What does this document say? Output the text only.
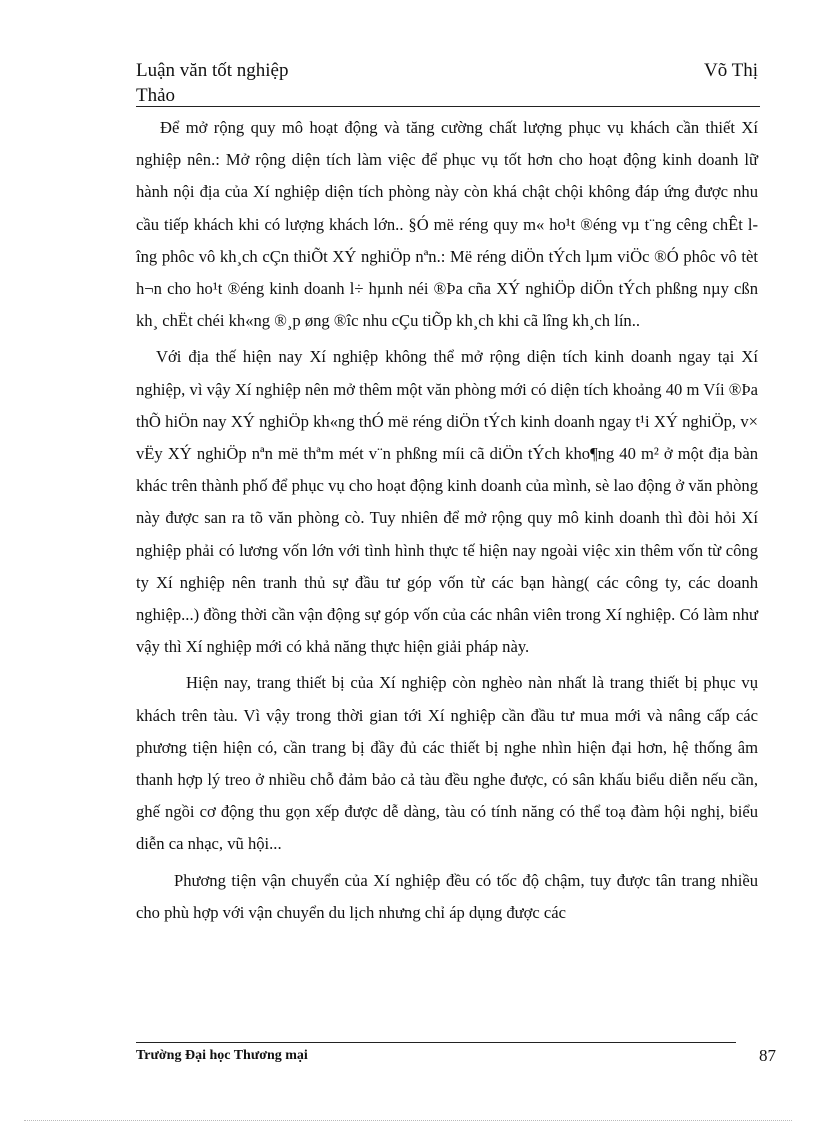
Luận văn tốt nghiệp	Võ Thị
Thảo

Để mở rộng quy mô hoạt động và tăng cường chất lượng phục vụ khách cần thiết Xí nghiệp nên.: Mở rộng diện tích làm việc để phục vụ tốt hơn cho hoạt động kinh doanh lữ hành nội địa của Xí nghiệp diện tích phòng này còn khá chật chội không đáp ứng được nhu cầu tiếp khách khi có lượng khách lớn.. §Ó më réng quy m« ho¹t ®éng vµ t¨ng cêng chÊt lîng phôc vô kh¸ch cÇn thiÕt XÝ nghiÖp nªn.: Më réng diÖn tÝch lµm viÖc ®Ó phôc vô tèt h¬n cho ho¹t ®éng kinh doanh l÷ hµnh néi ®Þa cña XÝ nghiÖp diÖn tÝch phßng nµy cßn kh¸ chËt chéi kh«ng ®¸p øng ®îc nhu cÇu tiÕp kh¸ch khi cã lîng kh¸ch lín..

Với địa thế hiện nay Xí nghiệp không thể mở rộng diện tích kinh doanh ngay tại Xí nghiệp, vì vậy Xí nghiệp nên mở thêm một văn phòng mới có diện tích khoảng 40 m Víi ®Þa thÕ hiÖn nay XÝ nghiÖp kh«ng thÓ më réng diÖn tÝch kinh doanh ngay t¹i XÝ nghiÖp, v× vËy XÝ nghiÖp nªn më thªm mét v¨n phßng míi cã diÖn tÝch kho¶ng 40 m² ở một địa bàn khác trên thành phố để phục vụ cho hoạt động kinh doanh của mình, sè lao động ở văn phòng này được san ra tõ văn phòng cò. Tuy nhiên để mở rộng quy mô kinh doanh thì đòi hỏi Xí nghiệp phải có lương vốn lớn với tình hình thực tế hiện nay ngoài việc xin thêm vốn từ công ty Xí nghiệp nên tranh thủ sự đầu tư góp vốn từ các bạn hàng( các công ty, các doanh nghiệp...) đồng thời cần vận động sự góp vốn của các nhân viên trong Xí nghiệp. Có làm như vậy thì Xí nghiệp mới có khả năng thực hiện giải pháp này.

Hiện nay, trang thiết bị của Xí nghiệp còn nghèo nàn nhất là trang thiết bị phục vụ khách trên tàu. Vì vậy trong thời gian tới Xí nghiệp cần đầu tư mua mới và nâng cấp các phương tiện hiện có, cần trang bị đầy đủ các thiết bị nghe nhìn hiện đại hơn, hệ thống âm thanh hợp lý treo ở nhiều chỗ đảm bảo cả tàu đều nghe được, có sân khấu biểu diễn nếu cần, ghế ngồi cơ động thu gọn xếp được dễ dàng, tàu có tính năng có thể toạ đàm hội nghị, biểu diễn ca nhạc, vũ hội...

Phương tiện vận chuyển của Xí nghiệp đều có tốc độ chậm, tuy được tân trang nhiều cho phù hợp với vận chuyển du lịch nhưng chỉ áp dụng được các

Trường Đại học Thương mại	87
